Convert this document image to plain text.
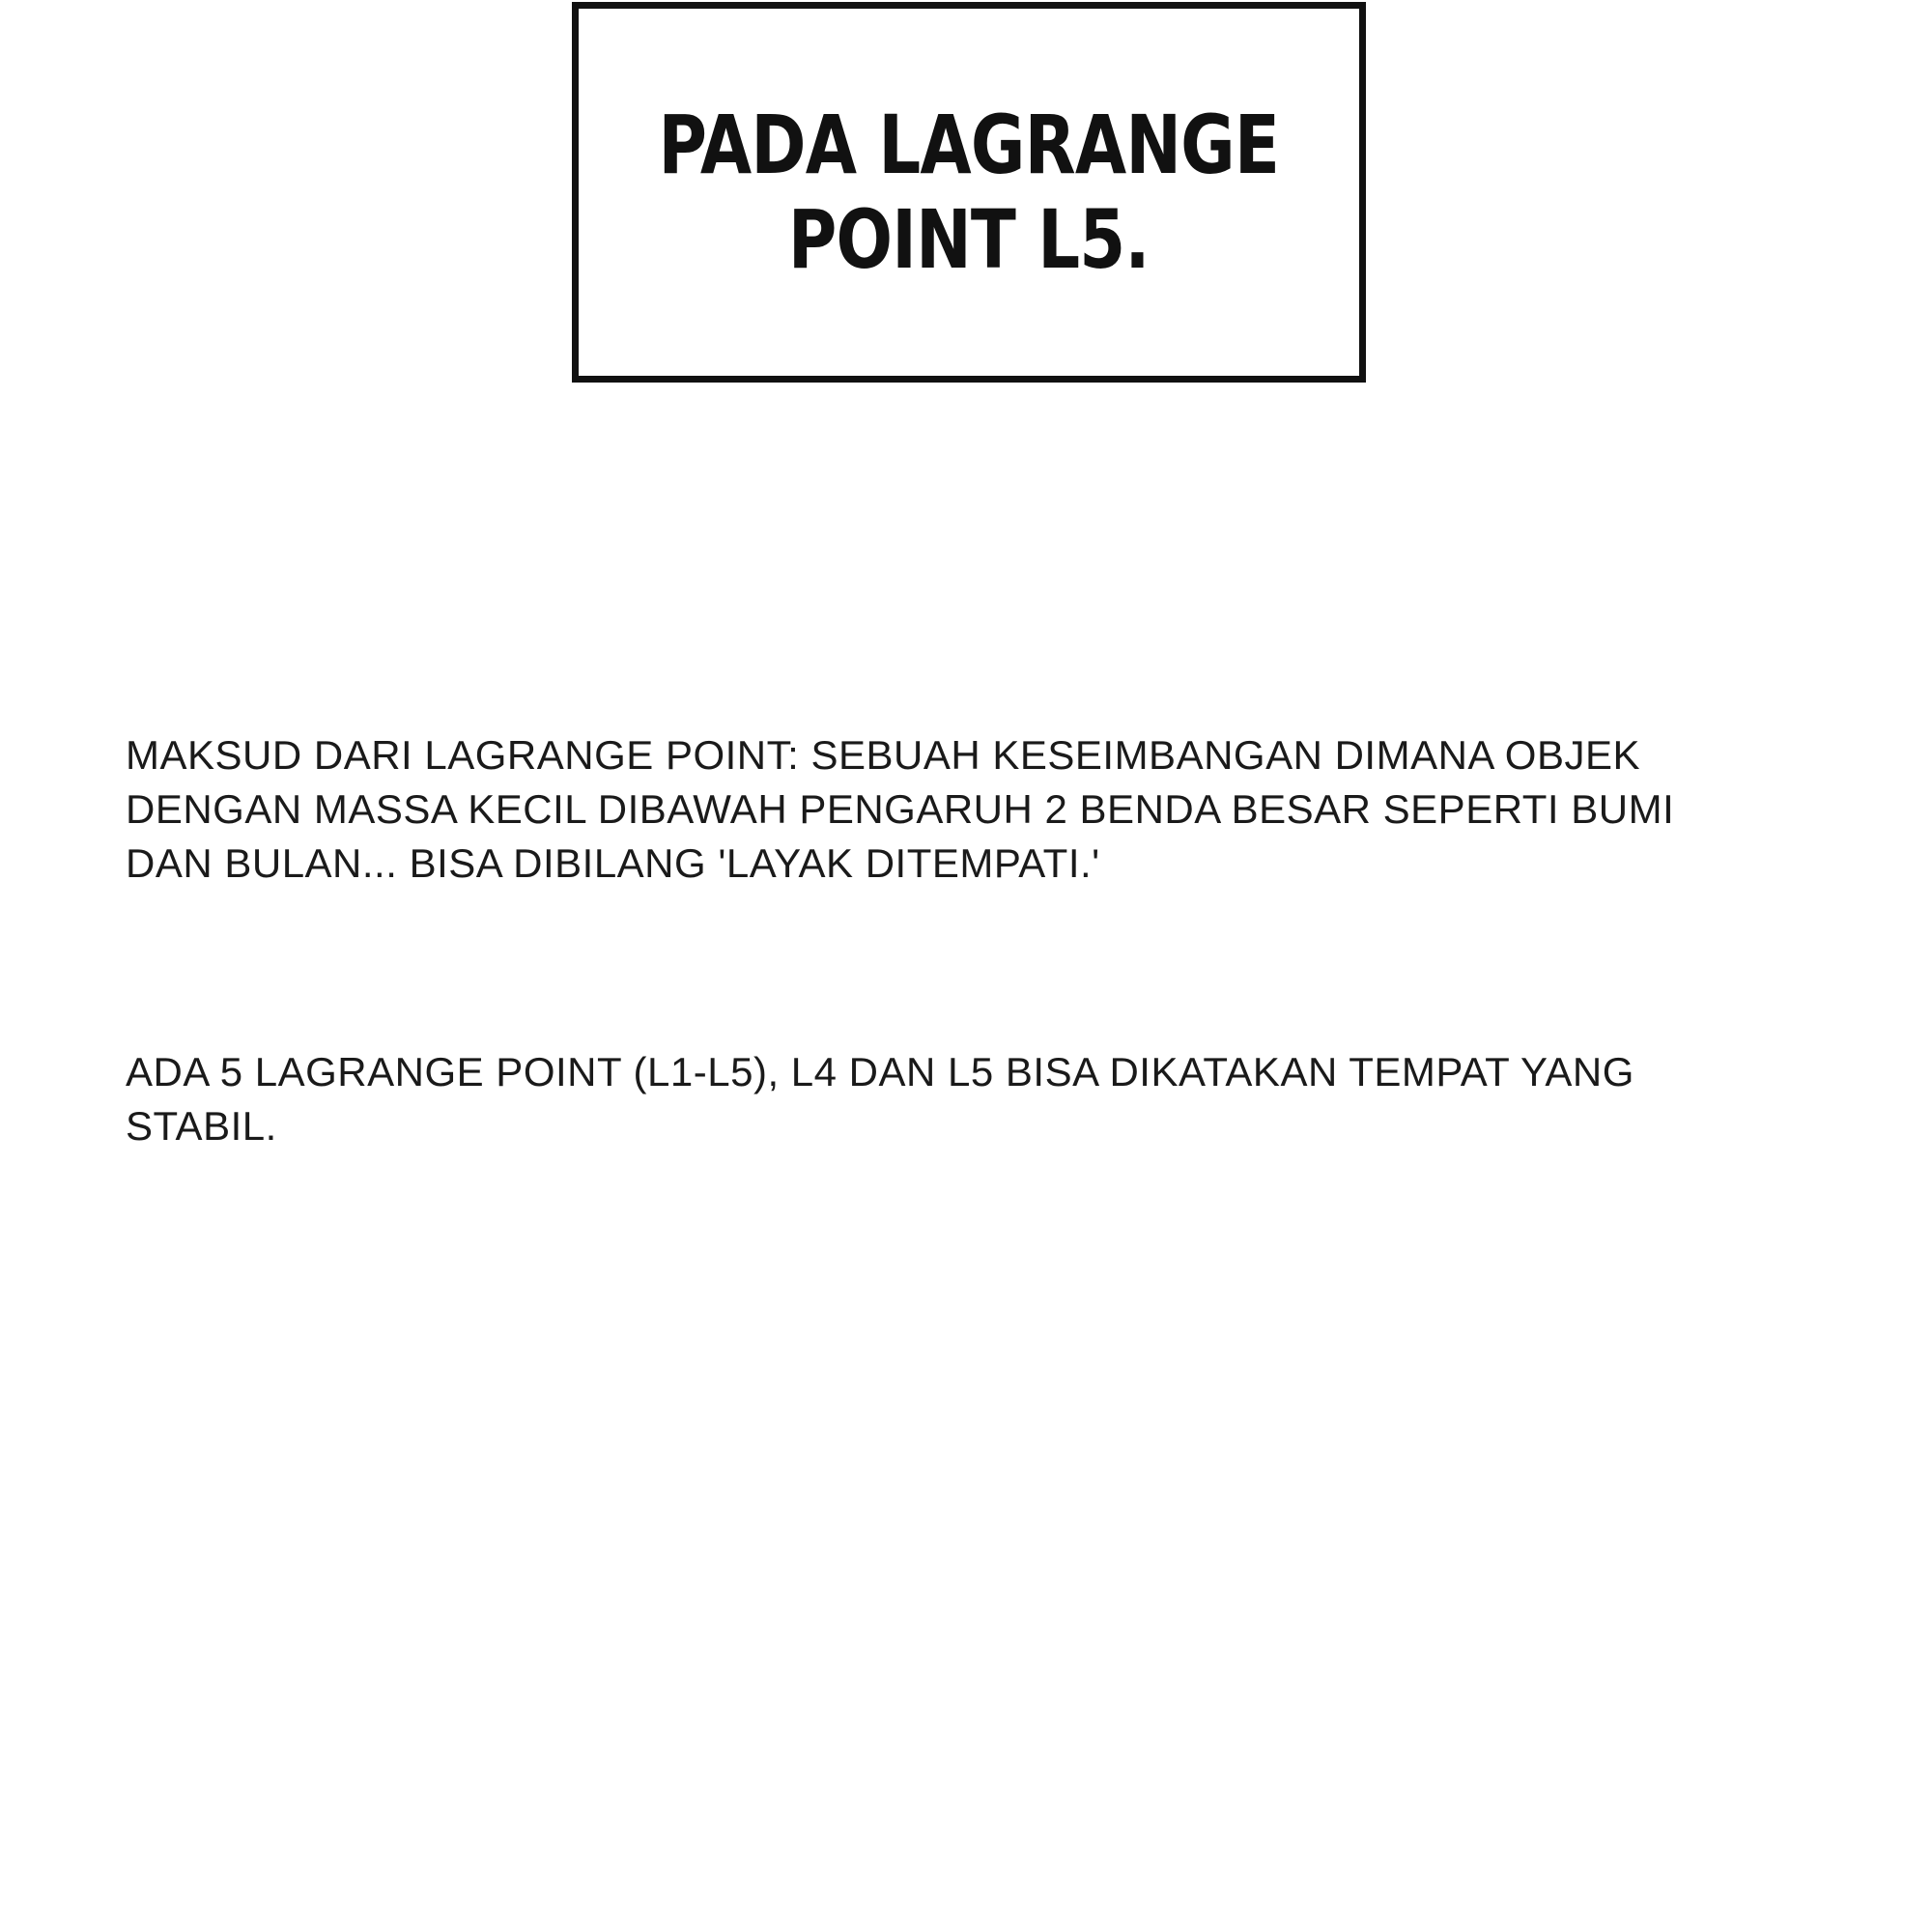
PADA LAGRANGE
POINT L5.
MAKSUD DARI LAGRANGE POINT: SEBUAH KESEIMBANGAN DIMANA OBJEK DENGAN MASSA KECIL DIBAWAH PENGARUH 2 BENDA BESAR SEPERTI BUMI DAN BULAN... BISA DIBILANG 'LAYAK DITEMPATI.'
ADA 5 LAGRANGE POINT (L1-L5), L4 DAN L5 BISA DIKATAKAN TEMPAT YANG STABIL.
